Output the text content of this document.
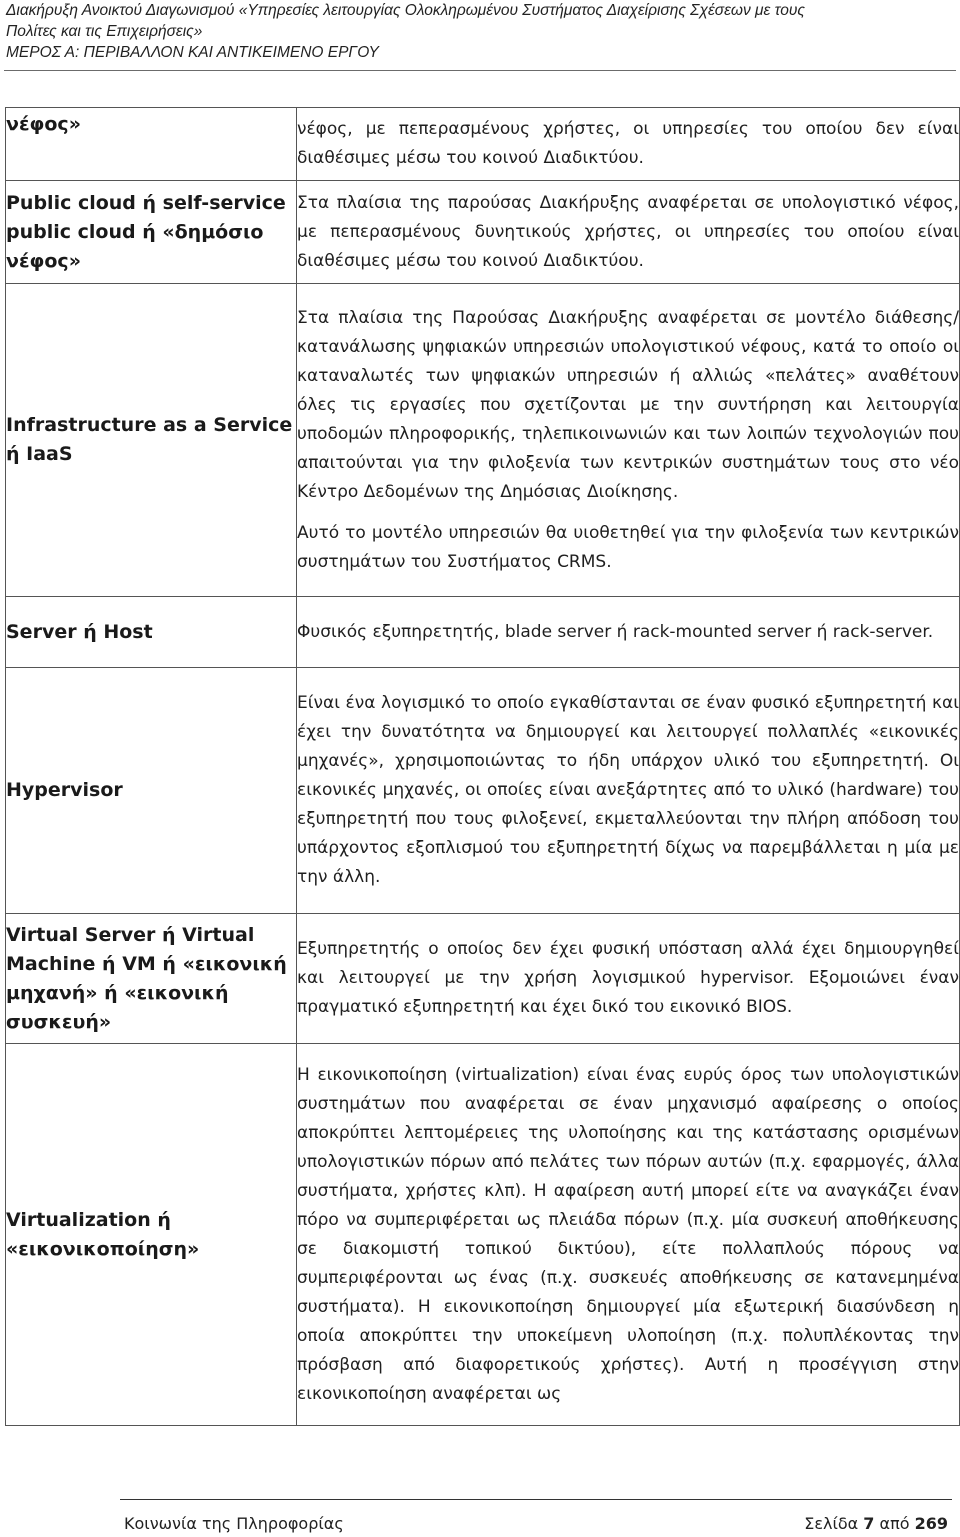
Διακήρυξη Ανοικτού Διαγωνισμού «Υπηρεσίες λειτουργίας Ολοκληρωμένου Συστήματος Διαχείρισης Σχέσεων με τους
Πολίτες και τις Επιχειρήσεις»
ΜΕΡΟΣ Α: ΠΕΡΙΒΑΛΛΟΝ ΚΑΙ ΑΝΤΙΚΕΙΜΕΝΟ ΕΡΓΟΥ
νέφος»	νέφος, με πεπερασμένους χρήστες, οι υπηρεσίες του οποίου δεν είναι διαθέσιμες μέσω του κοινού Διαδικτύου.

Public cloud ή self-service public cloud ή «δημόσιο νέφος»	Στα πλαίσια της παρούσας Διακήρυξης αναφέρεται σε υπολογιστικό νέφος, με πεπερασμένους δυνητικούς χρήστες, οι υπηρεσίες του οποίου είναι διαθέσιμες μέσω του κοινού Διαδικτύου.

Infrastructure as a Service ή IaaS	Στα πλαίσια της Παρούσας Διακήρυξης αναφέρεται σε μοντέλο διάθεσης/κατανάλωσης ψηφιακών υπηρεσιών υπολογιστικού νέφους, κατά το οποίο οι καταναλωτές των ψηφιακών υπηρεσιών ή αλλιώς «πελάτες» αναθέτουν όλες τις εργασίες που σχετίζονται με την συντήρηση και λειτουργία υποδομών πληροφορικής, τηλεπικοινωνιών και των λοιπών τεχνολογιών που απαιτούνται για την φιλοξενία των κεντρικών συστημάτων τους στο νέο Κέντρο Δεδομένων της Δημόσιας Διοίκησης.

Αυτό το μοντέλο υπηρεσιών θα υιοθετηθεί για την φιλοξενία των κεντρικών συστημάτων του Συστήματος CRMS.

Server ή Host	Φυσικός εξυπηρετητής, blade server ή rack-mounted server ή rack-server.

Hypervisor	Είναι ένα λογισμικό το οποίο εγκαθίστανται σε έναν φυσικό εξυπηρετητή και έχει την δυνατότητα να δημιουργεί και λειτουργεί πολλαπλές «εικονικές μηχανές», χρησιμοποιώντας το ήδη υπάρχον υλικό του εξυπηρετητή. Οι εικονικές μηχανές, οι οποίες είναι ανεξάρτητες από το υλικό (hardware) του εξυπηρετητή που τους φιλοξενεί, εκμεταλλεύονται την πλήρη απόδοση του υπάρχοντος εξοπλισμού του εξυπηρετητή δίχως να παρεμβάλλεται η μία με την άλλη.

Virtual Server ή Virtual Machine ή VM ή «εικονική μηχανή» ή «εικονική συσκευή»	Εξυπηρετητής ο οποίος δεν έχει φυσική υπόσταση αλλά έχει δημιουργηθεί και λειτουργεί με την χρήση λογισμικού hypervisor. Εξομοιώνει έναν πραγματικό εξυπηρετητή και έχει δικό του εικονικό BIOS.

Virtualization ή «εικονικοποίηση»	Η εικονικοποίηση (virtualization) είναι ένας ευρύς όρος των υπολογιστικών συστημάτων που αναφέρεται σε έναν μηχανισμό αφαίρεσης ο οποίος αποκρύπτει λεπτομέρειες της υλοποίησης και της κατάστασης ορισμένων υπολογιστικών πόρων από πελάτες των πόρων αυτών (π.χ. εφαρμογές, άλλα συστήματα, χρήστες κλπ). Η αφαίρεση αυτή μπορεί είτε να αναγκάζει έναν πόρο να συμπεριφέρεται ως πλειάδα πόρων (π.χ. μία συσκευή αποθήκευσης σε διακομιστή τοπικού δικτύου), είτε πολλαπλούς πόρους να συμπεριφέρονται ως ένας (π.χ. συσκευές αποθήκευσης σε κατανεμημένα συστήματα). Η εικονικοποίηση δημιουργεί μία εξωτερική διασύνδεση η οποία αποκρύπτει την υποκείμενη υλοποίηση (π.χ. πολυπλέκοντας την πρόσβαση από διαφορετικούς χρήστες). Αυτή η προσέγγιση στην εικονικοποίηση αναφέρεται ως

Κοινωνία της Πληροφορίας	Σελίδα 7 από 269
